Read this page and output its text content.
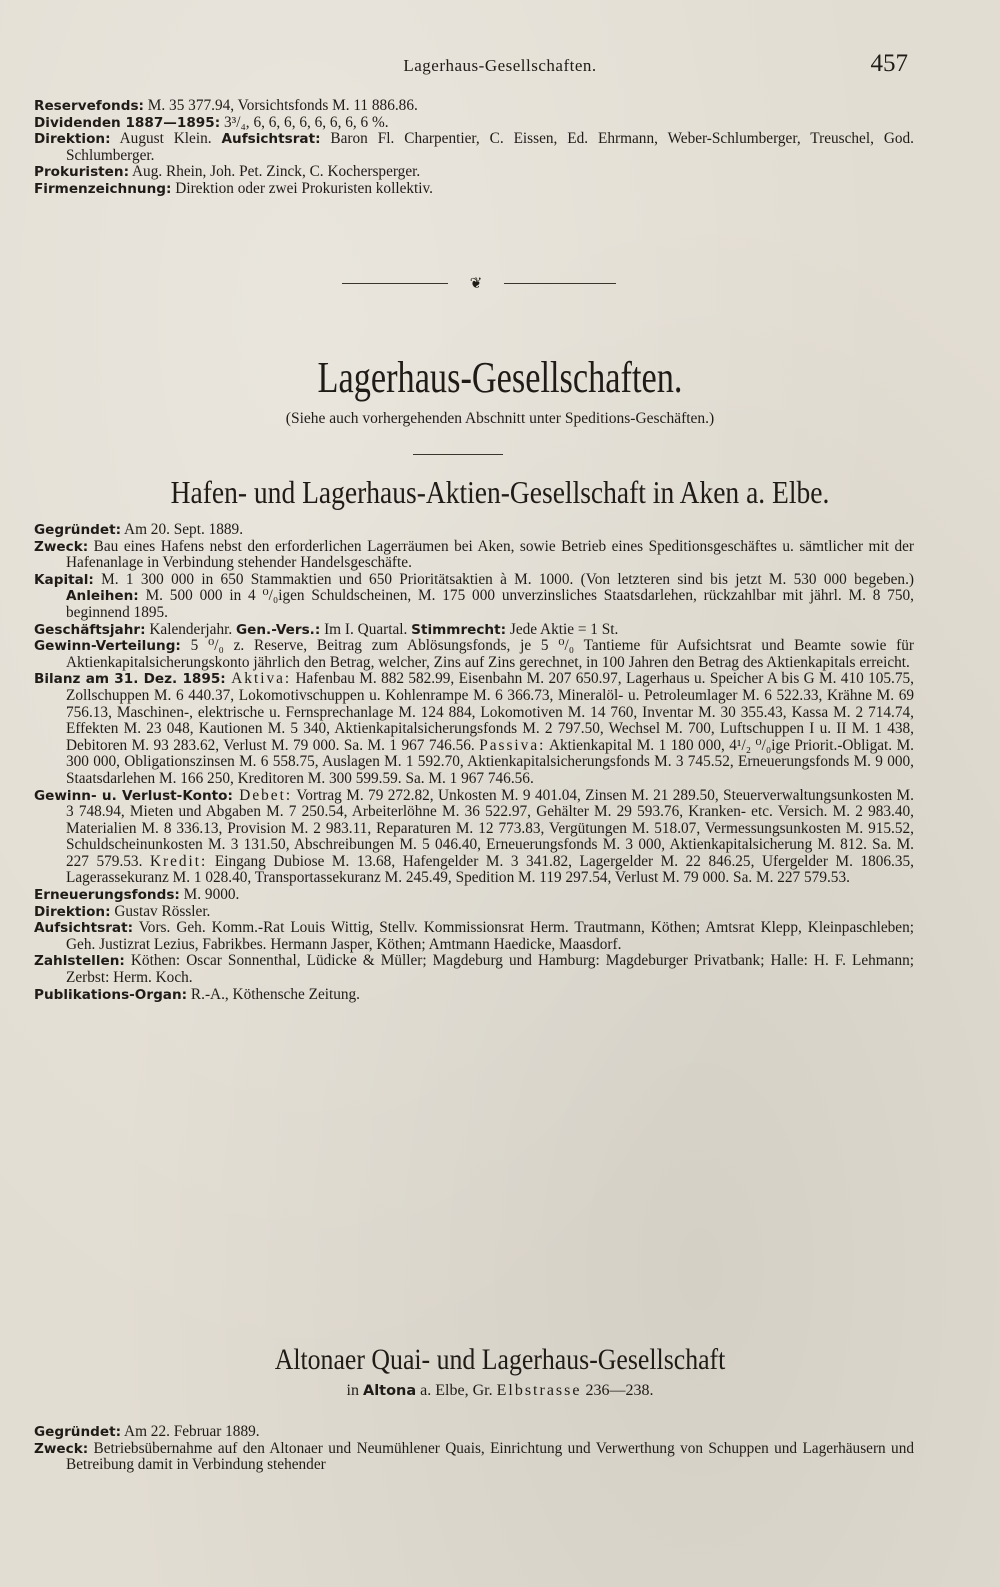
Lagerhaus-Gesellschaften.	457

Reservefonds: M. 35 377.94, Vorsichtsfonds M. 11 886.86.

Dividenden 1887—1895: 3³/₄, 6, 6, 6, 6, 6, 6, 6, 6 %.

Direktion: August Klein. Aufsichtsrat: Baron Fl. Charpentier, C. Eissen, Ed. Ehrmann, Weber-Schlumberger, Treuschel, God. Schlumberger.

Prokuristen: Aug. Rhein, Joh. Pet. Zinck, C. Kochersperger.

Firmenzeichnung: Direktion oder zwei Prokuristen kollektiv.

❦
Lagerhaus-Gesellschaften.
(Siehe auch vorhergehenden Abschnitt unter Speditions-Geschäften.)
Hafen- und Lagerhaus-Aktien-Gesellschaft in Aken a. Elbe.

Gegründet: Am 20. Sept. 1889.

Zweck: Bau eines Hafens nebst den erforderlichen Lagerräumen bei Aken, sowie Betrieb eines Speditionsgeschäftes u. sämtlicher mit der Hafenanlage in Verbindung stehender Handelsgeschäfte.

Kapital: M. 1 300 000 in 650 Stammaktien und 650 Prioritätsaktien à M. 1000. (Von letzteren sind bis jetzt M. 530 000 begeben.) Anleihen: M. 500 000 in 4 ⁰/₀igen Schuldscheinen, M. 175 000 unverzinsliches Staatsdarlehen, rückzahlbar mit jährl. M. 8 750, beginnend 1895.

Geschäftsjahr: Kalenderjahr. Gen.-Vers.: Im I. Quartal. Stimmrecht: Jede Aktie = 1 St.

Gewinn-Verteilung: 5 ⁰/₀ z. Reserve, Beitrag zum Ablösungsfonds, je 5 ⁰/₀ Tantieme für Aufsichtsrat und Beamte sowie für Aktienkapitalsicherungskonto jährlich den Betrag, welcher, Zins auf Zins gerechnet, in 100 Jahren den Betrag des Aktienkapitals erreicht.

Bilanz am 31. Dez. 1895: Aktiva: Hafenbau M. 882 582.99, Eisenbahn M. 207 650.97, Lagerhaus u. Speicher A bis G M. 410 105.75, Zollschuppen M. 6 440.37, Lokomotivschuppen u. Kohlenrampe M. 6 366.73, Mineralöl- u. Petroleumlager M. 6 522.33, Krähne M. 69 756.13, Maschinen-, elektrische u. Fernsprechanlage M. 124 884, Lokomotiven M. 14 760, Inventar M. 30 355.43, Kassa M. 2 714.74, Effekten M. 23 048, Kautionen M. 5 340, Aktienkapitalsicherungsfonds M. 2 797.50, Wechsel M. 700, Luftschuppen I u. II M. 1 438, Debitoren M. 93 283.62, Verlust M. 79 000. Sa. M. 1 967 746.56. Passiva: Aktienkapital M. 1 180 000, 4¹/₂ ⁰/₀ige Priorit.-Obligat. M. 300 000, Obligationszinsen M. 6 558.75, Auslagen M. 1 592.70, Aktienkapitalsicherungsfonds M. 3 745.52, Erneuerungsfonds M. 9 000, Staatsdarlehen M. 166 250, Kreditoren M. 300 599.59. Sa. M. 1 967 746.56.

Gewinn- u. Verlust-Konto: Debet: Vortrag M. 79 272.82, Unkosten M. 9 401.04, Zinsen M. 21 289.50, Steuerverwaltungsunkosten M. 3 748.94, Mieten und Abgaben M. 7 250.54, Arbeiterlöhne M. 36 522.97, Gehälter M. 29 593.76, Kranken- etc. Versich. M. 2 983.40, Materialien M. 8 336.13, Provision M. 2 983.11, Reparaturen M. 12 773.83, Vergütungen M. 518.07, Vermessungsunkosten M. 915.52, Schuldscheinunkosten M. 3 131.50, Abschreibungen M. 5 046.40, Erneuerungsfonds M. 3 000, Aktienkapitalsicherung M. 812. Sa. M. 227 579.53. Kredit: Eingang Dubiose M. 13.68, Hafengelder M. 3 341.82, Lagergelder M. 22 846.25, Ufergelder M. 1806.35, Lagerassekuranz M. 1 028.40, Transportassekuranz M. 245.49, Spedition M. 119 297.54, Verlust M. 79 000. Sa. M. 227 579.53.

Erneuerungsfonds: M. 9000.

Direktion: Gustav Rössler.

Aufsichtsrat: Vors. Geh. Komm.-Rat Louis Wittig, Stellv. Kommissionsrat Herm. Trautmann, Köthen; Amtsrat Klepp, Kleinpaschleben; Geh. Justizrat Lezius, Fabrikbes. Hermann Jasper, Köthen; Amtmann Haedicke, Maasdorf.

Zahlstellen: Köthen: Oscar Sonnenthal, Lüdicke & Müller; Magdeburg und Hamburg: Magdeburger Privatbank; Halle: H. F. Lehmann; Zerbst: Herm. Koch.

Publikations-Organ: R.-A., Köthensche Zeitung.

Altonaer Quai- und Lagerhaus-Gesellschaft
in Altona a. Elbe, Gr. Elbstrasse 236—238.

Gegründet: Am 22. Februar 1889.

Zweck: Betriebsübernahme auf den Altonaer und Neumühlener Quais, Einrichtung und Verwerthung von Schuppen und Lagerhäusern und Betreibung damit in Verbindung stehender
